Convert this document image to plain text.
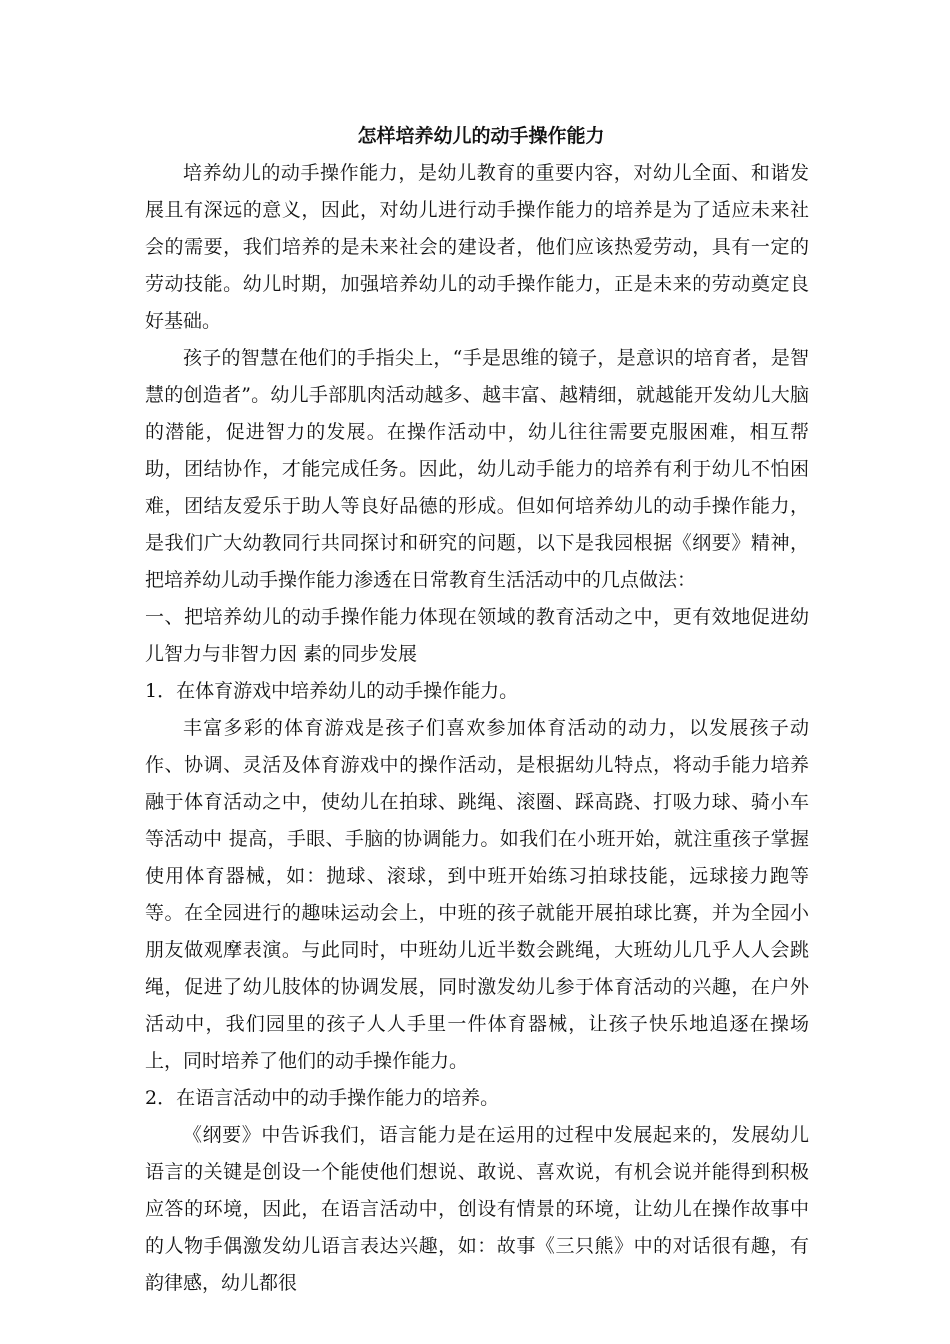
怎样培养幼儿的动手操作能力

培养幼儿的动手操作能力，是幼儿教育的重要内容，对幼儿全面、和谐发展且有深远的意义，因此，对幼儿进行动手操作能力的培养是为了适应未来社会的需要，我们培养的是未来社会的建设者，他们应该热爱劳动，具有一定的劳动技能。幼儿时期，加强培养幼儿的动手操作能力，正是未来的劳动奠定良好基础。

孩子的智慧在他们的手指尖上，“手是思维的镜子，是意识的培育者，是智慧的创造者”。幼儿手部肌肉活动越多、越丰富、越精细，就越能开发幼儿大脑的潜能，促进智力的发展。在操作活动中，幼儿往往需要克服困难，相互帮助，团结协作，才能完成任务。因此，幼儿动手能力的培养有利于幼儿不怕困难，团结友爱乐于助人等良好品德的形成。但如何培养幼儿的动手操作能力，是我们广大幼教同行共同探讨和研究的问题，以下是我园根据《纲要》精神，把培养幼儿动手操作能力渗透在日常教育生活活动中的几点做法：

一、把培养幼儿的动手操作能力体现在领域的教育活动之中，更有效地促进幼儿智力与非智力因 素的同步发展

1．在体育游戏中培养幼儿的动手操作能力。

丰富多彩的体育游戏是孩子们喜欢参加体育活动的动力，以发展孩子动作、协调、灵活及体育游戏中的操作活动，是根据幼儿特点，将动手能力培养融于体育活动之中，使幼儿在拍球、跳绳、滚圈、踩高跷、打吸力球、骑小车等活动中 提高，手眼、手脑的协调能力。如我们在小班开始，就注重孩子掌握使用体育器械，如：抛球、滚球，到中班开始练习拍球技能，远球接力跑等等。在全园进行的趣味运动会上，中班的孩子就能开展拍球比赛，并为全园小朋友做观摩表演。与此同时，中班幼儿近半数会跳绳，大班幼儿几乎人人会跳绳，促进了幼儿肢体的协调发展，同时激发幼儿参于体育活动的兴趣，在户外活动中，我们园里的孩子人人手里一件体育器械，让孩子快乐地追逐在操场上，同时培养了他们的动手操作能力。

2．在语言活动中的动手操作能力的培养。

《纲要》中告诉我们，语言能力是在运用的过程中发展起来的，发展幼儿语言的关键是创设一个能使他们想说、敢说、喜欢说，有机会说并能得到积极应答的环境，因此，在语言活动中，创设有情景的环境，让幼儿在操作故事中的人物手偶激发幼儿语言表达兴趣，如：故事《三只熊》中的对话很有趣，有韵律感，幼儿都很
